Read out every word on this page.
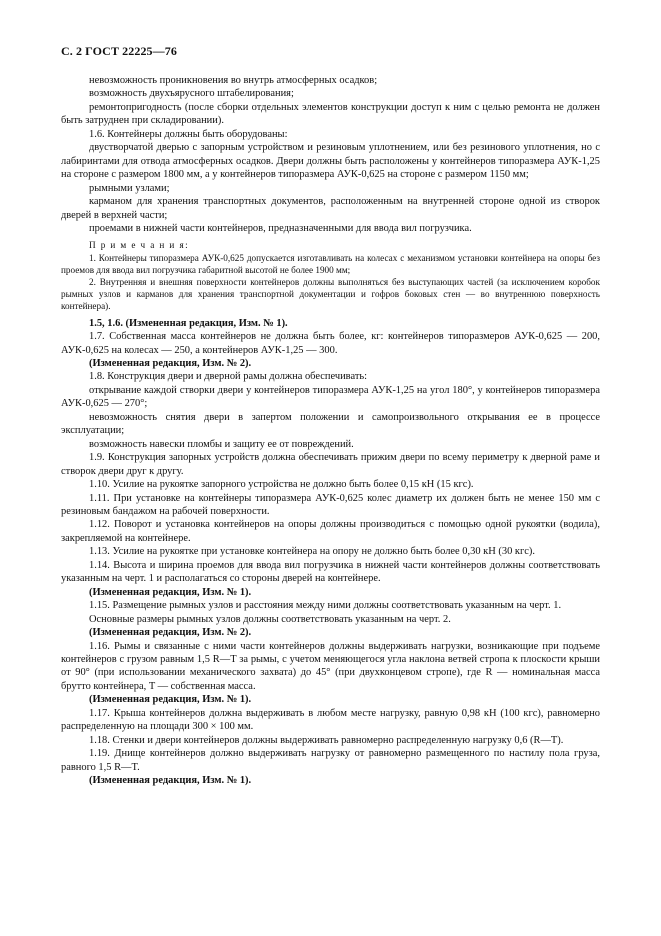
С. 2 ГОСТ 22225—76

невозможность проникновения во внутрь атмосферных осадков;

возможность двухъярусного штабелирования;

ремонтопригодность (после сборки отдельных элементов конструкции доступ к ним с целью ремонта не должен быть затруднен при складировании).

1.6. Контейнеры должны быть оборудованы:

двустворчатой дверью с запорным устройством и резиновым уплотнением, или без резинового уплотнения, но с лабиринтами для отвода атмосферных осадков. Двери должны быть расположены у контейнеров типоразмера АУК-1,25 на стороне с размером 1800 мм, а у контейнеров типоразмера АУК-0,625 на стороне с размером 1150 мм;

рымными узлами;

карманом для хранения транспортных документов, расположенным на внутренней стороне одной из створок дверей в верхней части;

проемами в нижней части контейнеров, предназначенными для ввода вил погрузчика.

П р и м е ч а н и я:

1. Контейнеры типоразмера АУК-0,625 допускается изготавливать на колесах с механизмом установки контейнера на опоры без проемов для ввода вил погрузчика габаритной высотой не более 1900 мм;

2. Внутренняя и внешняя поверхности контейнеров должны выполняться без выступающих частей (за исключением коробок рымных узлов и карманов для хранения транспортной документации и гофров боковых стен — во внутреннюю поверхность контейнера).

1.5, 1.6. (Измененная редакция, Изм. № 1).

1.7. Собственная масса контейнеров не должна быть более, кг: контейнеров типоразмеров АУК-0,625 — 200, АУК-0,625 на колесах — 250, а контейнеров АУК-1,25 — 300.

(Измененная редакция, Изм. № 2).

1.8. Конструкция двери и дверной рамы должна обеспечивать:

открывание каждой створки двери у контейнеров типоразмера АУК-1,25 на угол 180°, у контейнеров типоразмера АУК-0,625 — 270°;

невозможность снятия двери в запертом положении и самопроизвольного открывания ее в процессе эксплуатации;

возможность навески пломбы и защиту ее от повреждений.

1.9. Конструкция запорных устройств должна обеспечивать прижим двери по всему периметру к дверной раме и створок двери друг к другу.

1.10. Усилие на рукоятке запорного устройства не должно быть более 0,15 кН (15 кгс).

1.11. При установке на контейнеры типоразмера АУК-0,625 колес диаметр их должен быть не менее 150 мм с резиновым бандажом на рабочей поверхности.

1.12. Поворот и установка контейнеров на опоры должны производиться с помощью одной рукоятки (водила), закрепляемой на контейнере.

1.13. Усилие на рукоятке при установке контейнера на опору не должно быть более 0,30 кН (30 кгс).

1.14. Высота и ширина проемов для ввода вил погрузчика в нижней части контейнеров должны соответствовать указанным на черт. 1 и располагаться со стороны дверей на контейнере.

(Измененная редакция, Изм. № 1).

1.15. Размещение рымных узлов и расстояния между ними должны соответствовать указанным на черт. 1.

Основные размеры рымных узлов должны соответствовать указанным на черт. 2.

(Измененная редакция, Изм. № 2).

1.16. Рымы и связанные с ними части контейнеров должны выдерживать нагрузки, возникающие при подъеме контейнеров с грузом равным 1,5 R—T за рымы, с учетом меняющегося угла наклона ветвей стропа к плоскости крыши от 90° (при использовании механического захвата) до 45° (при двухконцевом стропе), где R — номинальная масса брутто контейнера, T — собственная масса.

(Измененная редакция, Изм. № 1).

1.17. Крыша контейнеров должна выдерживать в любом месте нагрузку, равную 0,98 кН (100 кгс), равномерно распределенную на площади 300 × 100 мм.

1.18. Стенки и двери контейнеров должны выдерживать равномерно распределенную нагрузку 0,6 (R—T).

1.19. Днище контейнеров должно выдерживать нагрузку от равномерно размещенного по настилу пола груза, равного 1,5 R—T.

(Измененная редакция, Изм. № 1).
